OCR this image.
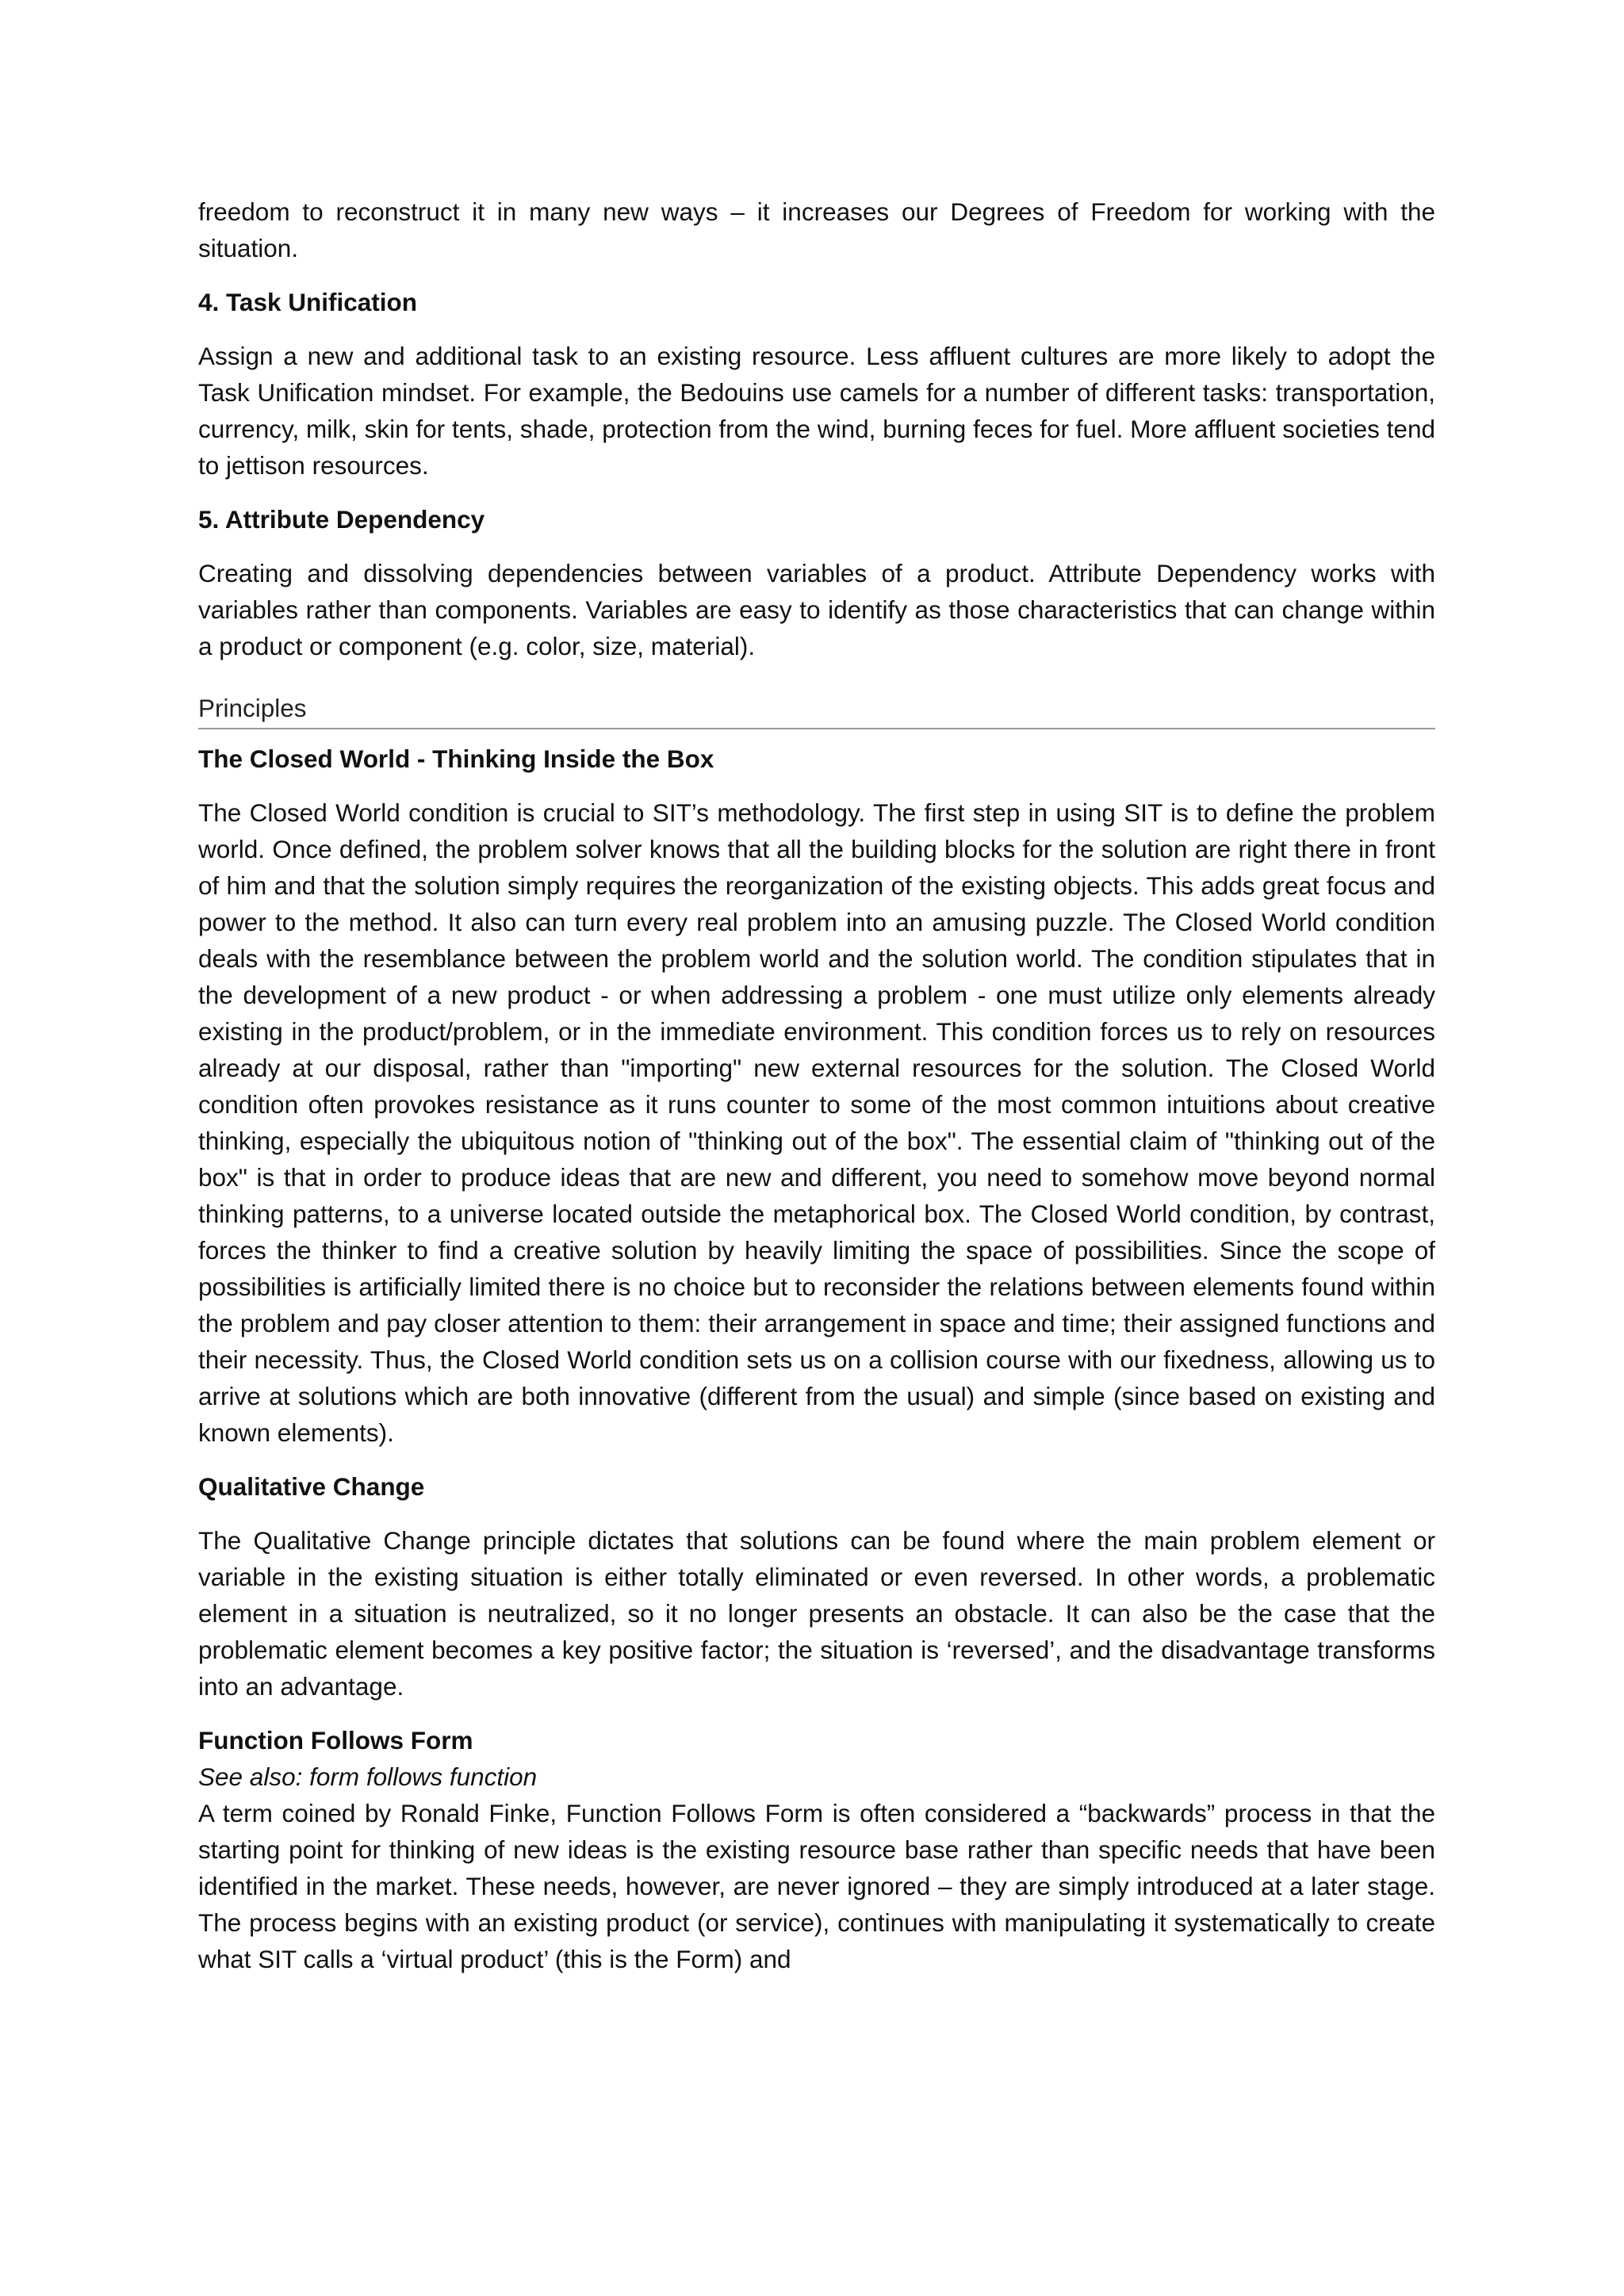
freedom to reconstruct it in many new ways – it increases our Degrees of Freedom for working with the situation.

4. Task Unification

Assign a new and additional task to an existing resource. Less affluent cultures are more likely to adopt the Task Unification mindset. For example, the Bedouins use camels for a number of different tasks: transportation, currency, milk, skin for tents, shade, protection from the wind, burning feces for fuel. More affluent societies tend to jettison resources.

5. Attribute Dependency

Creating and dissolving dependencies between variables of a product. Attribute Dependency works with variables rather than components. Variables are easy to identify as those characteristics that can change within a product or component (e.g. color, size, material).

Principles

The Closed World - Thinking Inside the Box

The Closed World condition is crucial to SIT’s methodology. The first step in using SIT is to define the problem world. Once defined, the problem solver knows that all the building blocks for the solution are right there in front of him and that the solution simply requires the reorganization of the existing objects. This adds great focus and power to the method. It also can turn every real problem into an amusing puzzle. The Closed World condition deals with the resemblance between the problem world and the solution world. The condition stipulates that in the development of a new product - or when addressing a problem - one must utilize only elements already existing in the product/problem, or in the immediate environment. This condition forces us to rely on resources already at our disposal, rather than "importing" new external resources for the solution. The Closed World condition often provokes resistance as it runs counter to some of the most common intuitions about creative thinking, especially the ubiquitous notion of "thinking out of the box". The essential claim of "thinking out of the box" is that in order to produce ideas that are new and different, you need to somehow move beyond normal thinking patterns, to a universe located outside the metaphorical box. The Closed World condition, by contrast, forces the thinker to find a creative solution by heavily limiting the space of possibilities. Since the scope of possibilities is artificially limited there is no choice but to reconsider the relations between elements found within the problem and pay closer attention to them: their arrangement in space and time; their assigned functions and their necessity. Thus, the Closed World condition sets us on a collision course with our fixedness, allowing us to arrive at solutions which are both innovative (different from the usual) and simple (since based on existing and known elements).

Qualitative Change

The Qualitative Change principle dictates that solutions can be found where the main problem element or variable in the existing situation is either totally eliminated or even reversed. In other words, a problematic element in a situation is neutralized, so it no longer presents an obstacle. It can also be the case that the problematic element becomes a key positive factor; the situation is ‘reversed’, and the disadvantage transforms into an advantage.

Function Follows Form

See also: form follows function

A term coined by Ronald Finke, Function Follows Form is often considered a “backwards” process in that the starting point for thinking of new ideas is the existing resource base rather than specific needs that have been identified in the market. These needs, however, are never ignored – they are simply introduced at a later stage. The process begins with an existing product (or service), continues with manipulating it systematically to create what SIT calls a ‘virtual product’ (this is the Form) and
